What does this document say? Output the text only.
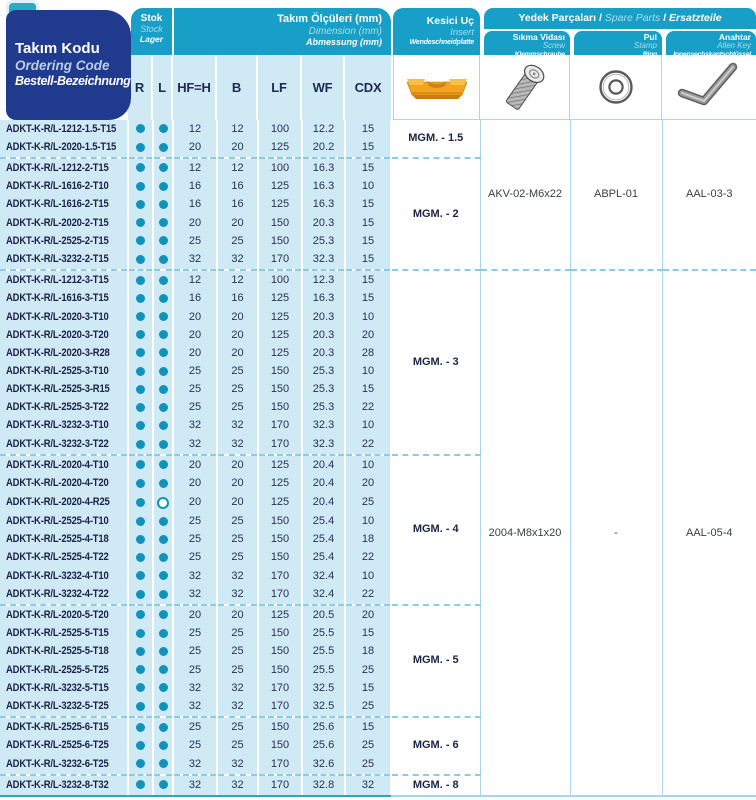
Takım Kodu
Ordering Code
Bestell-Bezeichnung
Stok
Stock
Lager
Takım Ölçüleri (mm)
Dimension (mm)
Abmessung (mm)
Kesici Uç
Insert
Wendeschneidplatte
Yedek Parçaları / Spare Parts / Ersatzteile
Sıkma Vidası
Screw
Pul
Stamp
Anahtar
Allen Key
R	L HF=H	B	LF	WF	CDX
ADKT-K-R/L-1212-1.5-T15			12	12	100	12.2	15	MGM. - 1.5	AKV-02-M6x22	ABPL-01	AAL-03-3
ADKT-K-R/L-2020-1.5-T15			20	20	125	20.2	15				
ADKT-K-R/L-1212-2-T15			12	12	100	16.3	15	MGM. - 2			
ADKT-K-R/L-1616-2-T10			16	16	125	16.3	10				
ADKT-K-R/L-1616-2-T15			16	16	125	16.3	15				
ADKT-K-R/L-2020-2-T15			20	20	150	20.3	15				
ADKT-K-R/L-2525-2-T15			25	25	150	25.3	15				
ADKT-K-R/L-3232-2-T15			32	32	170	32.3	15				
ADKT-K-R/L-1212-3-T15			12	12	100	12.3	15	MGM. - 3	2004-M8x1x20	-	AAL-05-4
ADKT-K-R/L-1616-3-T15			16	16	125	16.3	15				
ADKT-K-R/L-2020-3-T10			20	20	125	20.3	10				
ADKT-K-R/L-2020-3-T20			20	20	125	20.3	20				
ADKT-K-R/L-2020-3-R28			20	20	125	20.3	28				
ADKT-K-R/L-2525-3-T10			25	25	150	25.3	10				
ADKT-K-R/L-2525-3-R15			25	25	150	25.3	15				
ADKT-K-R/L-2525-3-T22			25	25	150	25.3	22				
ADKT-K-R/L-3232-3-T10			32	32	170	32.3	10				
ADKT-K-R/L-3232-3-T22			32	32	170	32.3	22				
ADKT-K-R/L-2020-4-T10			20	20	125	20.4	10	MGM. - 4			
ADKT-K-R/L-2020-4-T20			20	20	125	20.4	20				
ADKT-K-R/L-2020-4-R25			20	20	125	20.4	25				
ADKT-K-R/L-2525-4-T10			25	25	150	25.4	10				
ADKT-K-R/L-2525-4-T18			25	25	150	25.4	18				
ADKT-K-R/L-2525-4-T22			25	25	150	25.4	22				
ADKT-K-R/L-3232-4-T10			32	32	170	32.4	10				
ADKT-K-R/L-3232-4-T22			32	32	170	32.4	22				
ADKT-K-R/L-2020-5-T20			20	20	125	20.5	20	MGM. - 5			
ADKT-K-R/L-2525-5-T15			25	25	150	25.5	15				
ADKT-K-R/L-2525-5-T18			25	25	150	25.5	18				
ADKT-K-R/L-2525-5-T25			25	25	150	25.5	25				
ADKT-K-R/L-3232-5-T15			32	32	170	32.5	15				
ADKT-K-R/L-3232-5-T25			32	32	170	32.5	25				
ADKT-K-R/L-2525-6-T15			25	25	150	25.6	15	MGM. - 6			
ADKT-K-R/L-2525-6-T25			25	25	150	25.6	25				
ADKT-K-R/L-3232-6-T25			32	32	170	32.6	25				
ADKT-K-R/L-3232-8-T32			32	32	170	32.8	32	MGM. - 8			
